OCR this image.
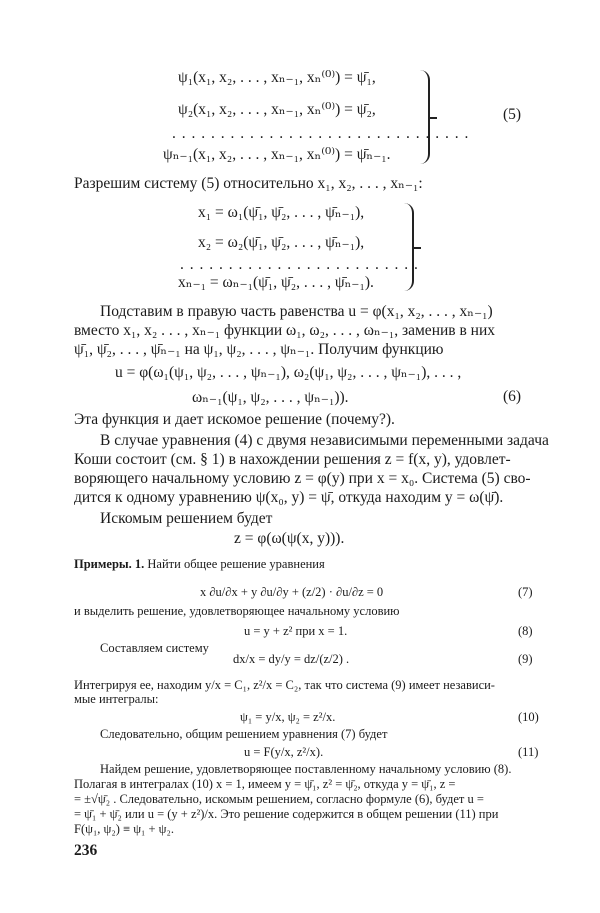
ψ₁(x₁, x₂, . . . , xₙ₋₁, xₙ⁽⁰⁾) = ψ̄₁,
ψ₂(x₁, x₂, . . . , xₙ₋₁, xₙ⁽⁰⁾) = ψ̄₂,
. . . . . . . . . . . . . . . . . . . . . . . . . . . . . . .
ψₙ₋₁(x₁, x₂, . . . , xₙ₋₁, xₙ⁽⁰⁾) = ψ̄ₙ₋₁.
(5)
Разрешим систему (5) относительно x₁, x₂, . . . , xₙ₋₁:
x₁ = ω₁(ψ̄₁, ψ̄₂, . . . , ψ̄ₙ₋₁),
x₂ = ω₂(ψ̄₁, ψ̄₂, . . . , ψ̄ₙ₋₁),
. . . . . . . . . . . . . . . . . . . . . . . . .
xₙ₋₁ = ωₙ₋₁(ψ̄₁, ψ̄₂, . . . , ψ̄ₙ₋₁).
Подставим в правую часть равенства u = φ(x₁, x₂, . . . , xₙ₋₁)
вместо x₁, x₂ . . . , xₙ₋₁ функции ω₁, ω₂, . . . , ωₙ₋₁, заменив в них
ψ̄₁, ψ̄₂, . . . , ψ̄ₙ₋₁ на ψ₁, ψ₂, . . . , ψₙ₋₁. Получим функцию
u = φ(ω₁(ψ₁, ψ₂, . . . , ψₙ₋₁), ω₂(ψ₁, ψ₂, . . . , ψₙ₋₁), . . . ,
ωₙ₋₁(ψ₁, ψ₂, . . . , ψₙ₋₁)).	(6)
Эта функция и дает искомое решение (почему?).
В случае уравнения (4) с двумя независимыми переменными задача
Коши состоит (см. § 1) в нахождении решения z = f(x, y), удовлет-
воряющего начальному условию z = φ(y) при x = x₀. Система (5) сво-
дится к одному уравнению ψ(x₀, y) = ψ̄, откуда находим y = ω(ψ̄).
Искомым решением будет
z = φ(ω(ψ(x, y))).
Примеры. 1. Найти общее решение уравнения
x ∂u/∂x + y ∂u/∂y + (z/2) · ∂u/∂z = 0	(7)
и выделить решение, удовлетворяющее начальному условию
u = y + z² при x = 1.	(8)
Составляем систему
dx/x = dy/y = dz/(z/2) .	(9)
Интегрируя ее, находим y/x = C₁, z²/x = C₂, так что система (9) имеет независи-
мые интегралы:
ψ₁ = y/x, ψ₂ = z²/x.	(10)
Следовательно, общим решением уравнения (7) будет
u = F(y/x, z²/x).	(11)
Найдем решение, удовлетворяющее поставленному начальному условию (8).
Полагая в интегралах (10) x = 1, имеем y = ψ̄₁, z² = ψ̄₂, откуда y = ψ̄₁, z =
= ±√ψ̄₂ . Следовательно, искомым решением, согласно формуле (6), будет u =
= ψ̄₁ + ψ̄₂ или u = (y + z²)/x. Это решение содержится в общем решении (11) при
F(ψ₁, ψ₂) ≡ ψ₁ + ψ₂.
236
